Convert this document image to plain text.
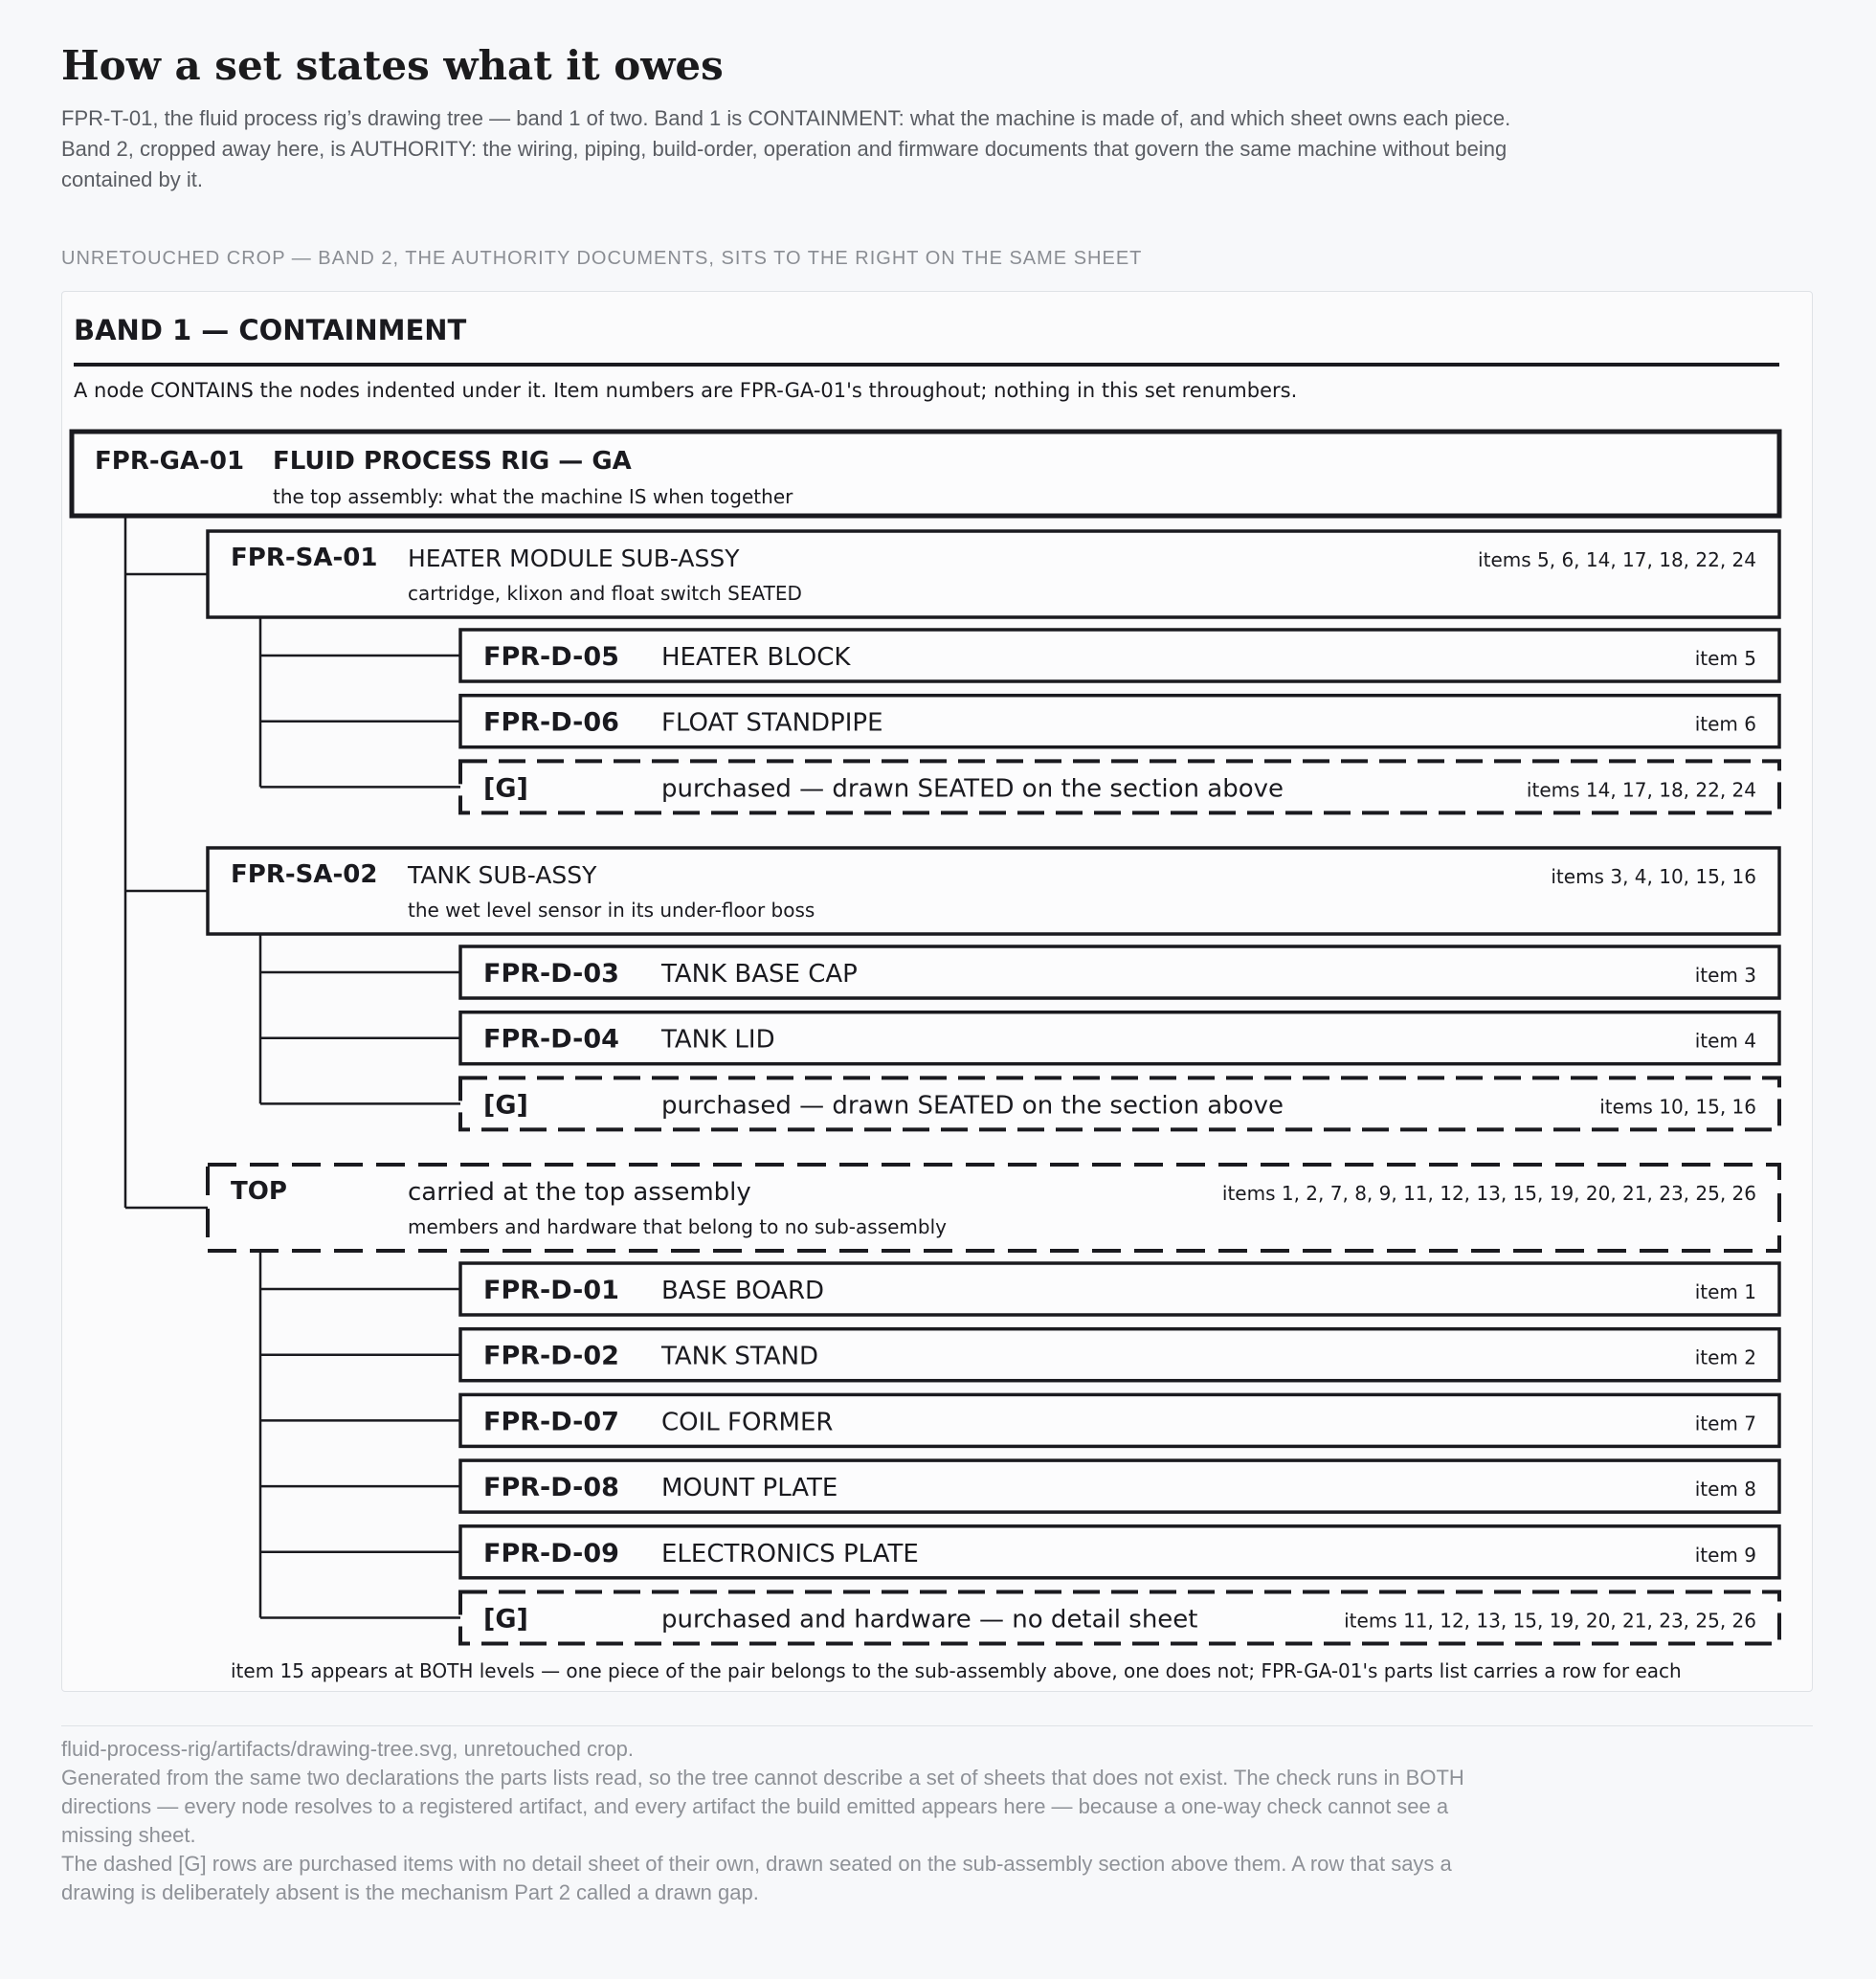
How a set states what it owes

FPR-T-01, the fluid process rig’s drawing tree — band 1 of two. Band 1 is CONTAINMENT: what the machine is made of, and which sheet owns each piece.
Band 2, cropped away here, is AUTHORITY: the wiring, piping, build-order, operation and firmware documents that govern the same machine without being
contained by it.

UNRETOUCHED CROP — BAND 2, THE AUTHORITY DOCUMENTS, SITS TO THE RIGHT ON THE SAME SHEET

BAND 1 — CONTAINMENT
A node CONTAINS the nodes indented under it. Item numbers are FPR-GA-01's throughout; nothing in this set renumbers.
FPR-GA-01 FLUID PROCESS RIG — GA
the top assembly: what the machine IS when together
FPR-SA-01 HEATER MODULE SUB-ASSY
cartridge, klixon and float switch SEATED
items 5, 6, 14, 17, 18, 22, 24
FPR-D-05 HEATER BLOCK	item 5
FPR-D-06 FLOAT STANDPIPE	item 6
[G]	purchased — drawn SEATED on the section above	items 14, 17, 18, 22, 24
FPR-SA-02 TANK SUB-ASSY
the wet level sensor in its under-floor boss
items 3, 4, 10, 15, 16
FPR-D-03 TANK BASE CAP	item 3
FPR-D-04 TANK LID	item 4
[G]	purchased — drawn SEATED on the section above	items 10, 15, 16
TOP	carried at the top assembly
members and hardware that belong to no sub-assembly
items 1, 2, 7, 8, 9, 11, 12, 13, 15, 19, 20, 21, 23, 25, 26
FPR-D-01 BASE BOARD	item 1
FPR-D-02 TANK STAND	item 2
FPR-D-07 COIL FORMER	item 7
FPR-D-08 MOUNT PLATE	item 8
FPR-D-09 ELECTRONICS PLATE	item 9
[G]	purchased and hardware — no detail sheet	items 11, 12, 13, 15, 19, 20, 21, 23, 25, 26
item 15 appears at BOTH levels — one piece of the pair belongs to the sub-assembly above, one does not; FPR-GA-01's parts list carries a row for each

fluid-process-rig/artifacts/drawing-tree.svg, unretouched crop.
Generated from the same two declarations the parts lists read, so the tree cannot describe a set of sheets that does not exist. The check runs in BOTH
directions — every node resolves to a registered artifact, and every artifact the build emitted appears here — because a one-way check cannot see a
missing sheet.
The dashed [G] rows are purchased items with no detail sheet of their own, drawn seated on the sub-assembly section above them. A row that says a
drawing is deliberately absent is the mechanism Part 2 called a drawn gap.
